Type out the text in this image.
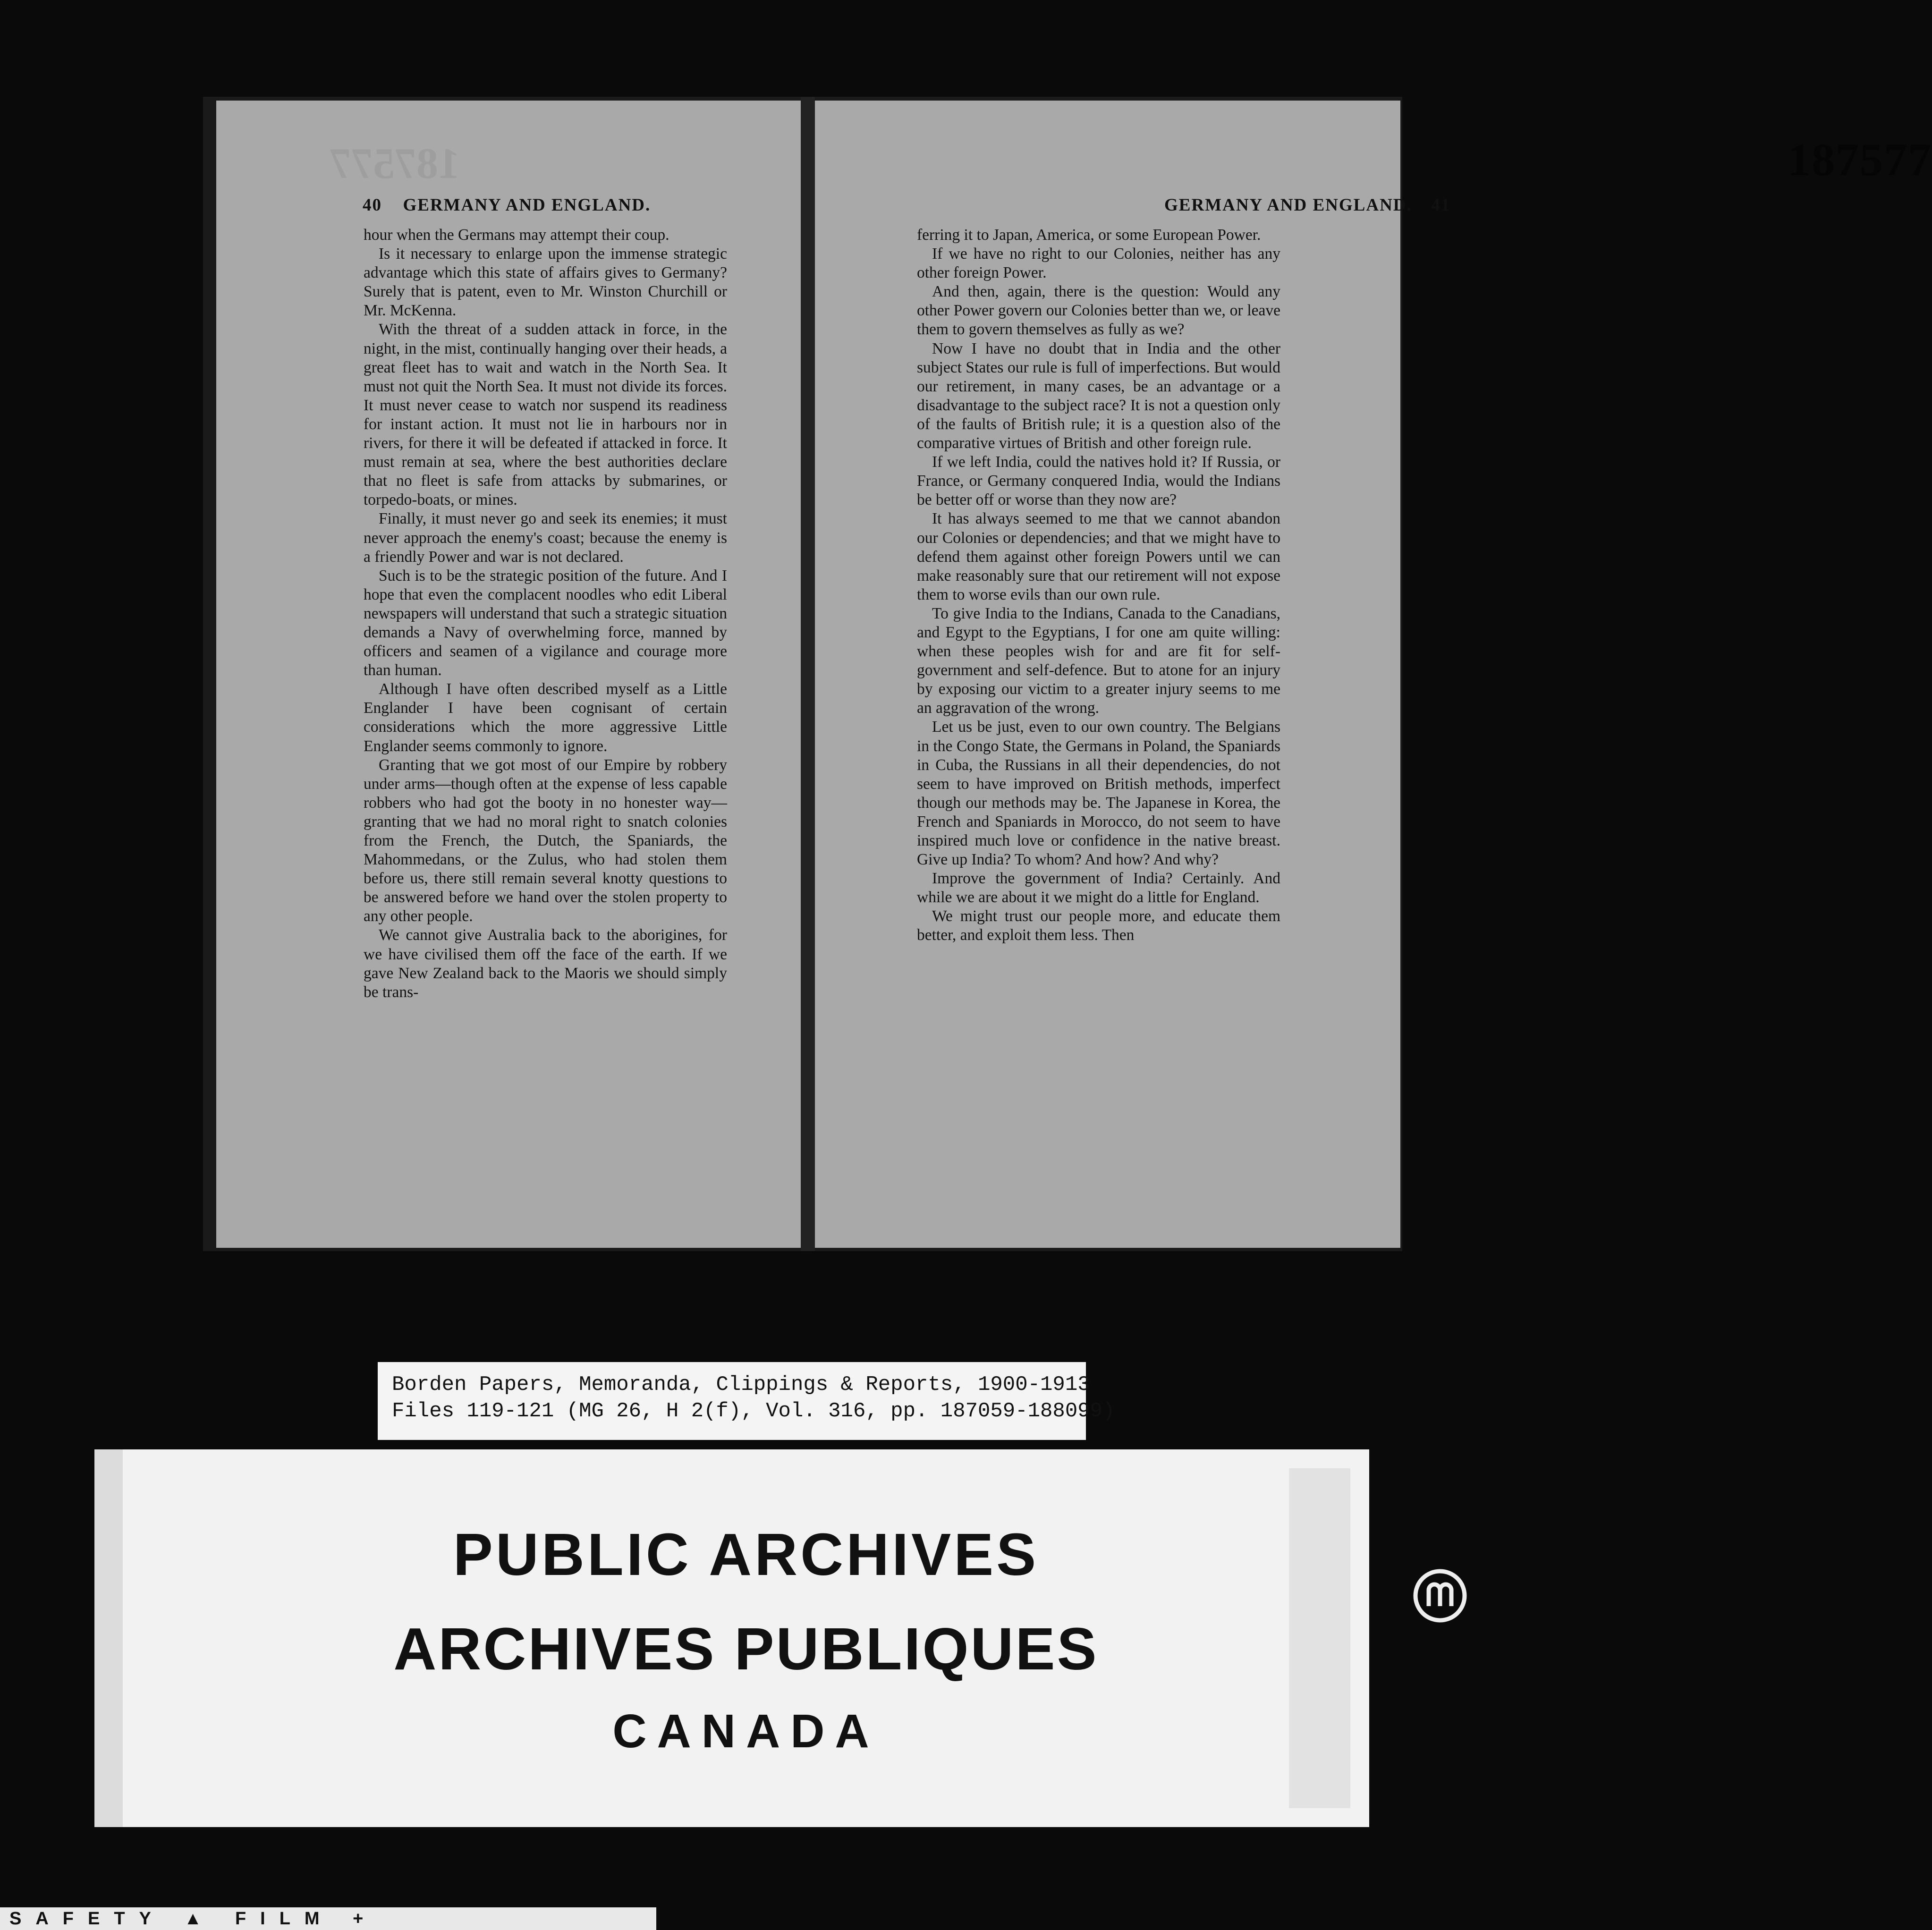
187577
40 GERMANY AND ENGLAND.

hour when the Germans may attempt their coup.

Is it necessary to enlarge upon the immense strategic advantage which this state of affairs gives to Germany? Surely that is patent, even to Mr. Winston Churchill or Mr. McKenna.

With the threat of a sudden attack in force, in the night, in the mist, continually hanging over their heads, a great fleet has to wait and watch in the North Sea. It must not quit the North Sea. It must not divide its forces. It must never cease to watch nor suspend its readiness for instant action. It must not lie in harbours nor in rivers, for there it will be defeated if attacked in force. It must remain at sea, where the best authorities declare that no fleet is safe from attacks by submarines, or torpedo-boats, or mines.

Finally, it must never go and seek its enemies; it must never approach the enemy's coast; because the enemy is a friendly Power and war is not declared.

Such is to be the strategic position of the future. And I hope that even the complacent noodles who edit Liberal newspapers will understand that such a strategic situation demands a Navy of overwhelming force, manned by officers and seamen of a vigilance and courage more than human.

Although I have often described myself as a Little Englander I have been cognisant of certain considerations which the more aggressive Little Englander seems commonly to ignore.

Granting that we got most of our Empire by robbery under arms—though often at the expense of less capable robbers who had got the booty in no honester way—granting that we had no moral right to snatch colonies from the French, the Dutch, the Spaniards, the Mahommedans, or the Zulus, who had stolen them before us, there still remain several knotty questions to be answered before we hand over the stolen property to any other people.

We cannot give Australia back to the aborigines, for we have civilised them off the face of the earth. If we gave New Zealand back to the Maoris we should simply be trans-

187577
GERMANY AND ENGLAND. 41

ferring it to Japan, America, or some European Power.

If we have no right to our Colonies, neither has any other foreign Power.

And then, again, there is the question: Would any other Power govern our Colonies better than we, or leave them to govern themselves as fully as we?

Now I have no doubt that in India and the other subject States our rule is full of imperfections. But would our retirement, in many cases, be an advantage or a disadvantage to the subject race? It is not a question only of the faults of British rule; it is a question also of the comparative virtues of British and other foreign rule.

If we left India, could the natives hold it? If Russia, or France, or Germany conquered India, would the Indians be better off or worse than they now are?

It has always seemed to me that we cannot abandon our Colonies or dependencies; and that we might have to defend them against other foreign Powers until we can make reasonably sure that our retirement will not expose them to worse evils than our own rule.

To give India to the Indians, Canada to the Canadians, and Egypt to the Egyptians, I for one am quite willing: when these peoples wish for and are fit for self-government and self-defence. But to atone for an injury by exposing our victim to a greater injury seems to me an aggravation of the wrong.

Let us be just, even to our own country. The Belgians in the Congo State, the Germans in Poland, the Spaniards in Cuba, the Russians in all their dependencies, do not seem to have improved on British methods, imperfect though our methods may be. The Japanese in Korea, the French and Spaniards in Morocco, do not seem to have inspired much love or confidence in the native breast. Give up India? To whom? And how? And why?

Improve the government of India? Certainly. And while we are about it we might do a little for England.

We might trust our people more, and educate them better, and exploit them less. Then

Borden Papers, Memoranda, Clippings & Reports, 1900-1913
Files 119-121 (MG 26, H 2(f), Vol. 316, pp. 187059-188099)
PUBLIC ARCHIVES
ARCHIVES PUBLIQUES
CANADA
SAFETY ▲ FILM +
